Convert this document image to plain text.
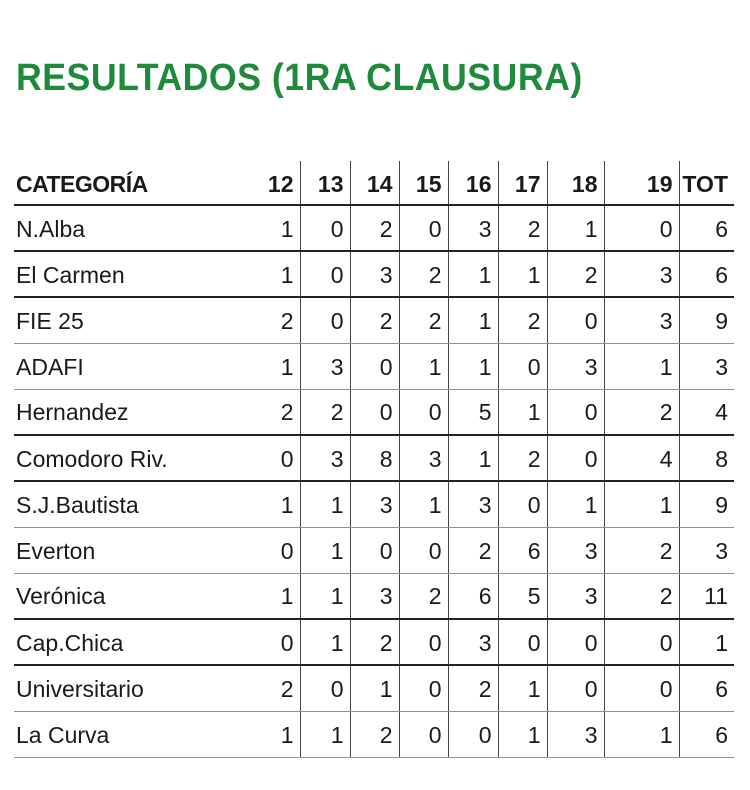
RESULTADOS (1RA CLAUSURA)
CATEGORÍA	12	13	14	15	16	17	18	19	TOT
N.Alba	1	0	2	0	3	2	1	0	6
El Carmen	1	0	3	2	1	1	2	3	6
FIE 25	2	0	2	2	1	2	0	3	9
ADAFI	1	3	0	1	1	0	3	1	3
Hernandez	2	2	0	0	5	1	0	2	4
Comodoro Riv.	0	3	8	3	1	2	0	4	8
S.J.Bautista	1	1	3	1	3	0	1	1	9
Everton	0	1	0	0	2	6	3	2	3
Verónica	1	1	3	2	6	5	3	2	11
Cap.Chica	0	1	2	0	3	0	0	0	1
Universitario	2	0	1	0	2	1	0	0	6
La Curva	1	1	2	0	0	1	3	1	6
